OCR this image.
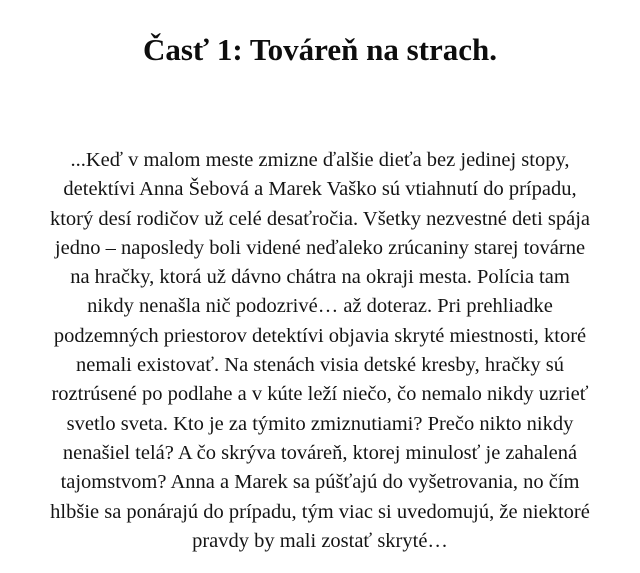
Časť 1: Továreň na strach.

...Keď v malom meste zmizne ďalšie dieťa bez jedinej stopy,
detektívi Anna Šebová a Marek Vaško sú vtiahnutí do prípadu,
ktorý desí rodičov už celé desaťročia. Všetky nezvestné deti spája
jedno – naposledy boli videné neďaleko zrúcaniny starej továrne
na hračky, ktorá už dávno chátra na okraji mesta. Polícia tam
nikdy nenašla nič podozrivé… až doteraz. Pri prehliadke
podzemných priestorov detektívi objavia skryté miestnosti, ktoré
nemali existovať. Na stenách visia detské kresby, hračky sú
roztrúsené po podlahe a v kúte leží niečo, čo nemalo nikdy uzrieť
svetlo sveta. Kto je za týmito zmiznutiami? Prečo nikto nikdy
nenašiel telá? A čo skrýva továreň, ktorej minulosť je zahalená
tajomstvom? Anna a Marek sa púšťajú do vyšetrovania, no čím
hlbšie sa ponárajú do prípadu, tým viac si uvedomujú, že niektoré
pravdy by mali zostať skryté…
